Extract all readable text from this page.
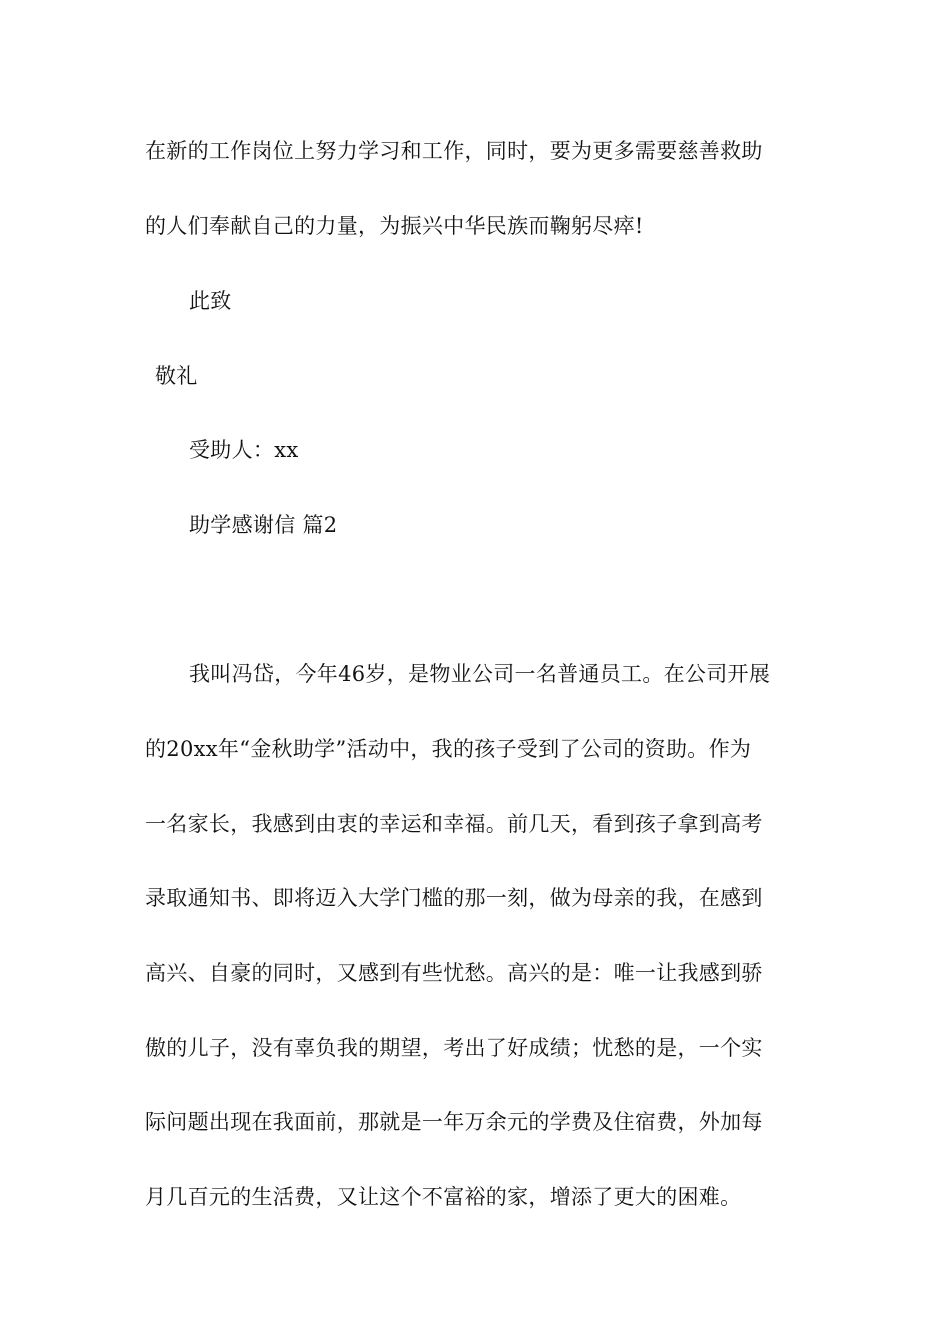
在新的工作岗位上努力学习和工作，同时，要为更多需要慈善救助
的人们奉献自己的力量，为振兴中华民族而鞠躬尽瘁!
此致
敬礼
受助人：xx
助学感谢信 篇2
我叫冯岱，今年46岁，是物业公司一名普通员工。在公司开展
的20xx年“金秋助学”活动中，我的孩子受到了公司的资助。作为
一名家长，我感到由衷的幸运和幸福。前几天，看到孩子拿到高考
录取通知书、即将迈入大学门槛的那一刻，做为母亲的我，在感到
高兴、自豪的同时，又感到有些忧愁。高兴的是：唯一让我感到骄
傲的儿子，没有辜负我的期望，考出了好成绩；忧愁的是，一个实
际问题出现在我面前，那就是一年万余元的学费及住宿费，外加每
月几百元的生活费，又让这个不富裕的家，增添了更大的困难。
